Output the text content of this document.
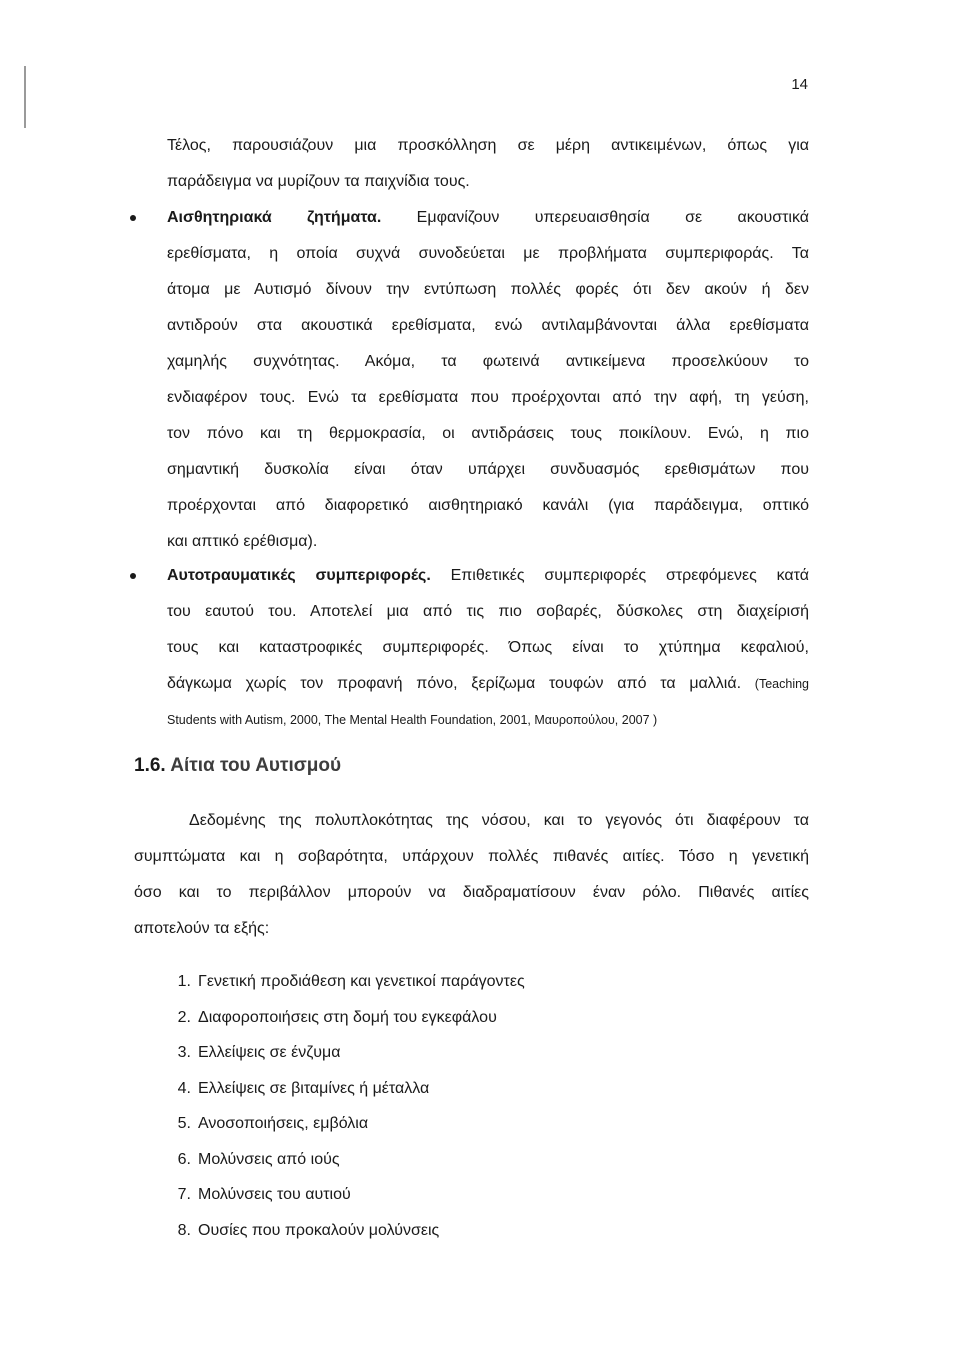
14
Τέλος, παρουσιάζουν μια προσκόλληση σε μέρη αντικειμένων, όπως για
παράδειγμα να μυρίζουν τα παιχνίδια τους.
Αισθητηριακά ζητήματα. Εμφανίζουν υπερευαισθησία σε ακουστικά
ερεθίσματα, η οποία συχνά συνοδεύεται με προβλήματα συμπεριφοράς. Τα
άτομα με Αυτισμό δίνουν την εντύπωση πολλές φορές ότι δεν ακούν ή δεν
αντιδρούν στα ακουστικά ερεθίσματα, ενώ αντιλαμβάνονται άλλα ερεθίσματα
χαμηλής συχνότητας. Ακόμα, τα φωτεινά αντικείμενα προσελκύουν το
ενδιαφέρον τους. Ενώ τα ερεθίσματα που προέρχονται από την αφή, τη γεύση,
τον πόνο και τη θερμοκρασία, οι αντιδράσεις τους ποικίλουν. Ενώ, η πιο
σημαντική δυσκολία είναι όταν υπάρχει συνδυασμός ερεθισμάτων που
προέρχονται από διαφορετικό αισθητηριακό κανάλι (για παράδειγμα, οπτικό
και απτικό ερέθισμα).
Αυτοτραυματικές συμπεριφορές. Επιθετικές συμπεριφορές στρεφόμενες κατά
του εαυτού του. Αποτελεί μια από τις πιο σοβαρές, δύσκολες στη διαχείρισή
τους και καταστροφικές συμπεριφορές. Όπως είναι το χτύπημα κεφαλιού,
δάγκωμα χωρίς τον προφανή πόνο, ξερίζωμα τουφών από τα μαλλιά. (Teaching
Students with Autism, 2000, The Mental Health Foundation, 2001, Μαυροπούλου, 2007 )
1.6. Αίτια του Αυτισμού
Δεδομένης της πολυπλοκότητας της νόσου, και το γεγονός ότι διαφέρουν τα
συμπτώματα και η σοβαρότητα, υπάρχουν πολλές πιθανές αιτίες. Τόσο η γενετική
όσο και το περιβάλλον μπορούν να διαδραματίσουν έναν ρόλο. Πιθανές αιτίες
αποτελούν τα εξής:
1. Γενετική προδιάθεση και γενετικοί παράγοντες
2. Διαφοροποιήσεις στη δομή του εγκεφάλου
3. Ελλείψεις σε ένζυμα
4. Ελλείψεις σε βιταμίνες ή μέταλλα
5. Ανοσοποιήσεις, εμβόλια
6. Μολύνσεις από ιούς
7. Μολύνσεις του αυτιού
8. Ουσίες που προκαλούν μολύνσεις
